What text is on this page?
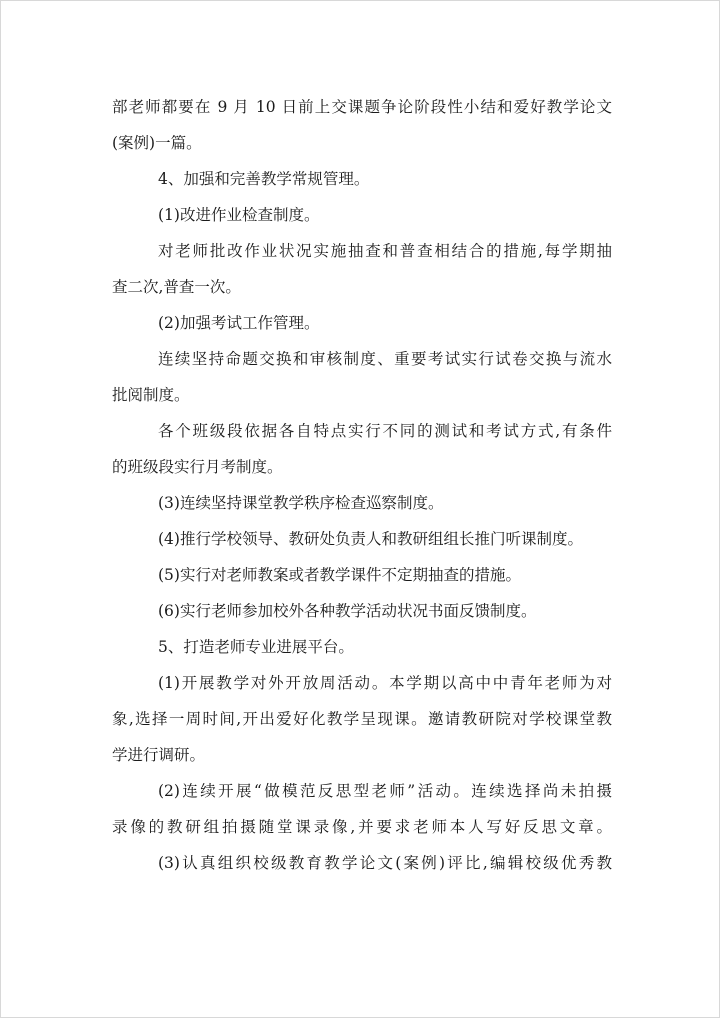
部老师都要在 9 月 10 日前上交课题争论阶段性小结和爱好教学论文
(案例)一篇。
4、加强和完善教学常规管理。
(1)改进作业检查制度。
对老师批改作业状况实施抽查和普查相结合的措施,每学期抽
查二次,普查一次。
(2)加强考试工作管理。
连续坚持命题交换和审核制度、重要考试实行试卷交换与流水
批阅制度。
各个班级段依据各自特点实行不同的测试和考试方式,有条件
的班级段实行月考制度。
(3)连续坚持课堂教学秩序检查巡察制度。
(4)推行学校领导、教研处负责人和教研组组长推门听课制度。
(5)实行对老师教案或者教学课件不定期抽查的措施。
(6)实行老师参加校外各种教学活动状况书面反馈制度。
5、打造老师专业进展平台。
(1)开展教学对外开放周活动。本学期以高中中青年老师为对
象,选择一周时间,开出爱好化教学呈现课。邀请教研院对学校课堂教
学进行调研。
(2)连续开展“做模范反思型老师”活动。连续选择尚未拍摄
录像的教研组拍摄随堂课录像,并要求老师本人写好反思文章。
(3)认真组织校级教育教学论文(案例)评比,编辑校级优秀教
